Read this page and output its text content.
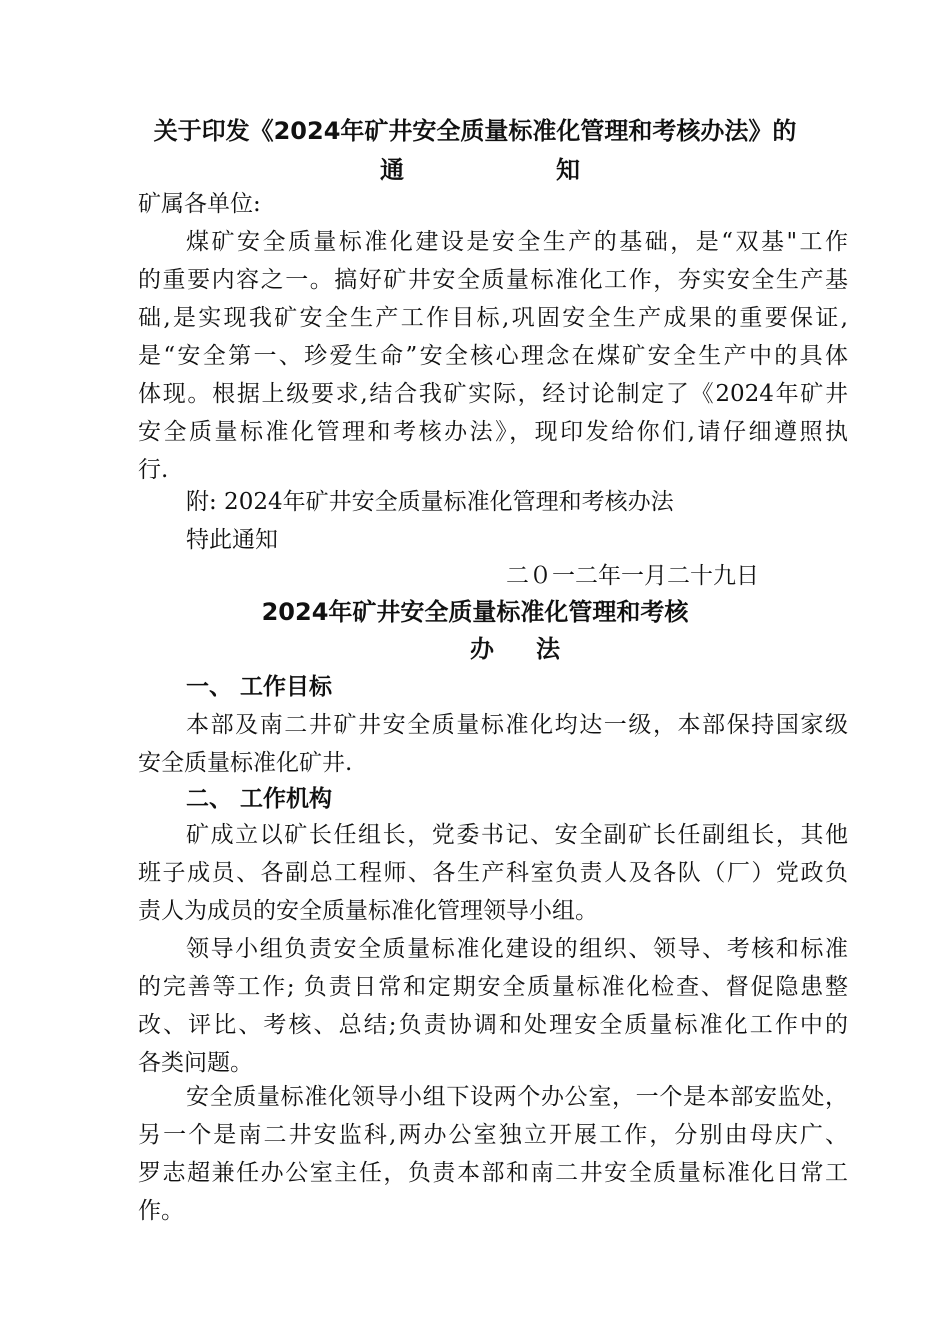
关于印发《2024年矿井安全质量标准化管理和考核办法》的
通	知
矿属各单位:
煤矿安全质量标准化建设是安全生产的基础，是“双基"工作
的重要内容之一。搞好矿井安全质量标准化工作，夯实安全生产基
础,是实现我矿安全生产工作目标,巩固安全生产成果的重要保证,
是“安全第一、珍爱生命”安全核心理念在煤矿安全生产中的具体
体现。根据上级要求,结合我矿实际，经讨论制定了《2024年矿井
安全质量标准化管理和考核办法》，现印发给你们,请仔细遵照执
行.
附: 2024年矿井安全质量标准化管理和考核办法
特此通知
二０一二年一月二十九日
2024年矿井安全质量标准化管理和考核
办 法
一、 工作目标
本部及南二井矿井安全质量标准化均达一级，本部保持国家级
安全质量标准化矿井.
二、 工作机构
矿成立以矿长任组长，党委书记、安全副矿长任副组长，其他
班子成员、各副总工程师、各生产科室负责人及各队（厂）党政负
责人为成员的安全质量标准化管理领导小组。
领导小组负责安全质量标准化建设的组织、领导、考核和标准
的完善等工作; 负责日常和定期安全质量标准化检查、督促隐患整
改、评比、考核、总结;负责协调和处理安全质量标准化工作中的
各类问题。
安全质量标准化领导小组下设两个办公室，一个是本部安监处，
另一个是南二井安监科,两办公室独立开展工作，分别由母庆广、
罗志超兼任办公室主任，负责本部和南二井安全质量标准化日常工
作。
